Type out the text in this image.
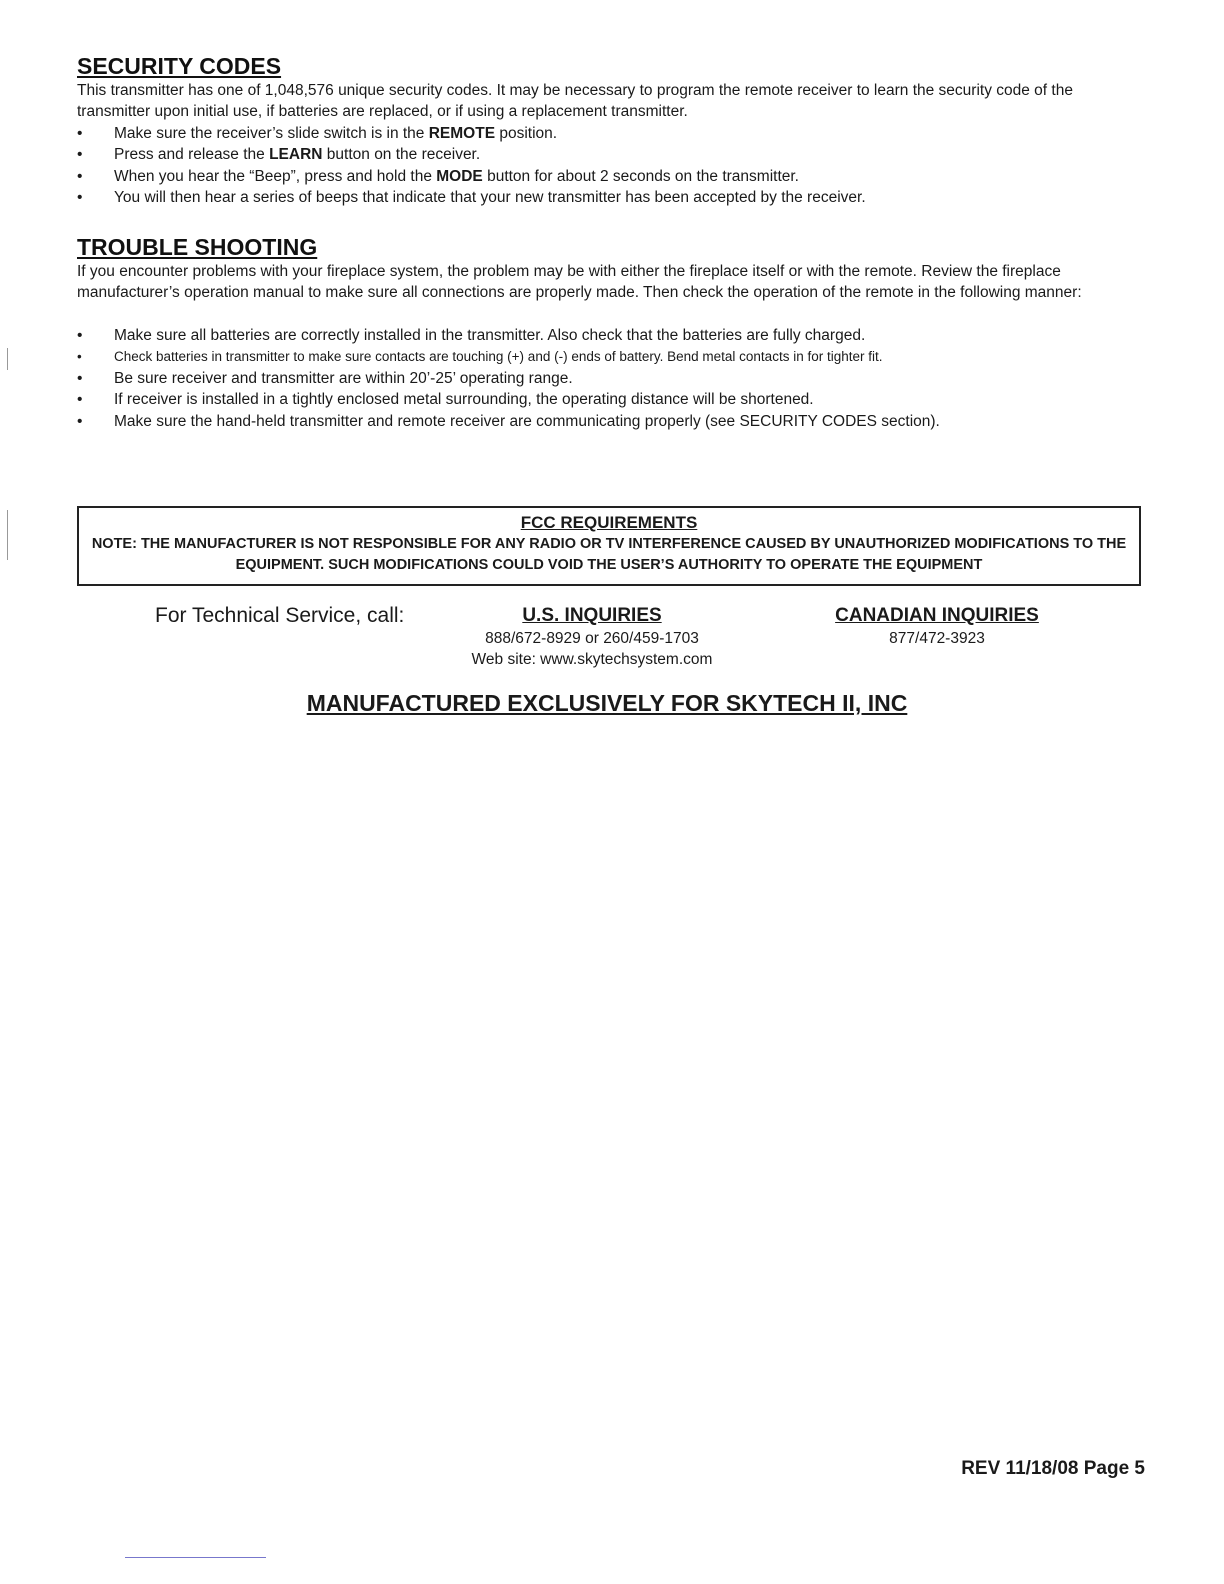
SECURITY CODES

This transmitter has one of 1,048,576 unique security codes. It may be necessary to program the remote receiver to learn the security code of the transmitter upon initial use, if batteries are replaced, or if using a replacement transmitter.

• Make sure the receiver’s slide switch is in the REMOTE position.
• Press and release the LEARN button on the receiver.
• When you hear the “Beep”, press and hold the MODE button for about 2 seconds on the transmitter.
• You will then hear a series of beeps that indicate that your new transmitter has been accepted by the receiver.
TROUBLE SHOOTING

If you encounter problems with your fireplace system, the problem may be with either the fireplace itself or with the remote. Review the fireplace manufacturer’s operation manual to make sure all connections are properly made. Then check the operation of the remote in the following manner:

• Make sure all batteries are correctly installed in the transmitter. Also check that the batteries are fully charged.
• Check batteries in transmitter to make sure contacts are touching (+) and (-) ends of battery. Bend metal contacts in for tighter fit.
• Be sure receiver and transmitter are within 20’-25’ operating range.
• If receiver is installed in a tightly enclosed metal surrounding, the operating distance will be shortened.
• Make sure the hand-held transmitter and remote receiver are communicating properly (see SECURITY CODES section).
FCC REQUIREMENTS
NOTE: THE MANUFACTURER IS NOT RESPONSIBLE FOR ANY RADIO OR TV INTERFERENCE CAUSED BY UNAUTHORIZED MODIFICATIONS TO THE EQUIPMENT. SUCH MODIFICATIONS COULD VOID THE USER’S AUTHORITY TO OPERATE THE EQUIPMENT
For Technical Service, call:	U.S. INQUIRIES
888/672-8929 or 260/459-1703
Web site: www.skytechsystem.com
CANADIAN INQUIRIES
877/472-3923
MANUFACTURED EXCLUSIVELY FOR SKYTECH II, INC
REV 11/18/08 Page 5
